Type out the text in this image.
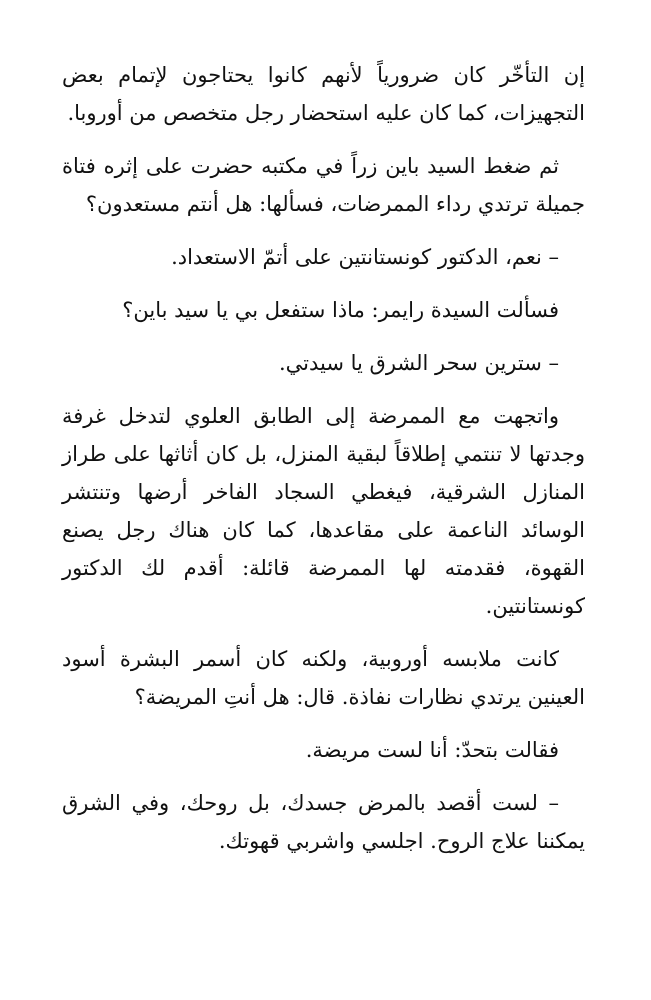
إن التأخّر كان ضرورياً لأنهم كانوا يحتاجون لإتمام بعض التجهيزات، كما كان عليه استحضار رجل متخصص من أوروبا.

ثم ضغط السيد باين زراً في مكتبه حضرت على إثره فتاة جميلة ترتدي رداء الممرضات، فسألها: هل أنتم مستعدون؟

– نعم، الدكتور كونستانتين على أتمّ الاستعداد.

فسألت السيدة رايمر: ماذا ستفعل بي يا سيد باين؟

– سترين سحر الشرق يا سيدتي.

واتجهت مع الممرضة إلى الطابق العلوي لتدخل غرفة وجدتها لا تنتمي إطلاقاً لبقية المنزل، بل كان أثاثها على طراز المنازل الشرقية، فيغطي السجاد الفاخر أرضها وتنتشر الوسائد الناعمة على مقاعدها، كما كان هناك رجل يصنع القهوة، فقدمته لها الممرضة قائلة: أقدم لك الدكتور كونستانتين.

كانت ملابسه أوروبية، ولكنه كان أسمر البشرة أسود العينين يرتدي نظارات نفاذة. قال: هل أنتِ المريضة؟

فقالت بتحدّ: أنا لست مريضة.

– لست أقصد بالمرض جسدك، بل روحك، وفي الشرق يمكننا علاج الروح. اجلسي واشربي قهوتك.
